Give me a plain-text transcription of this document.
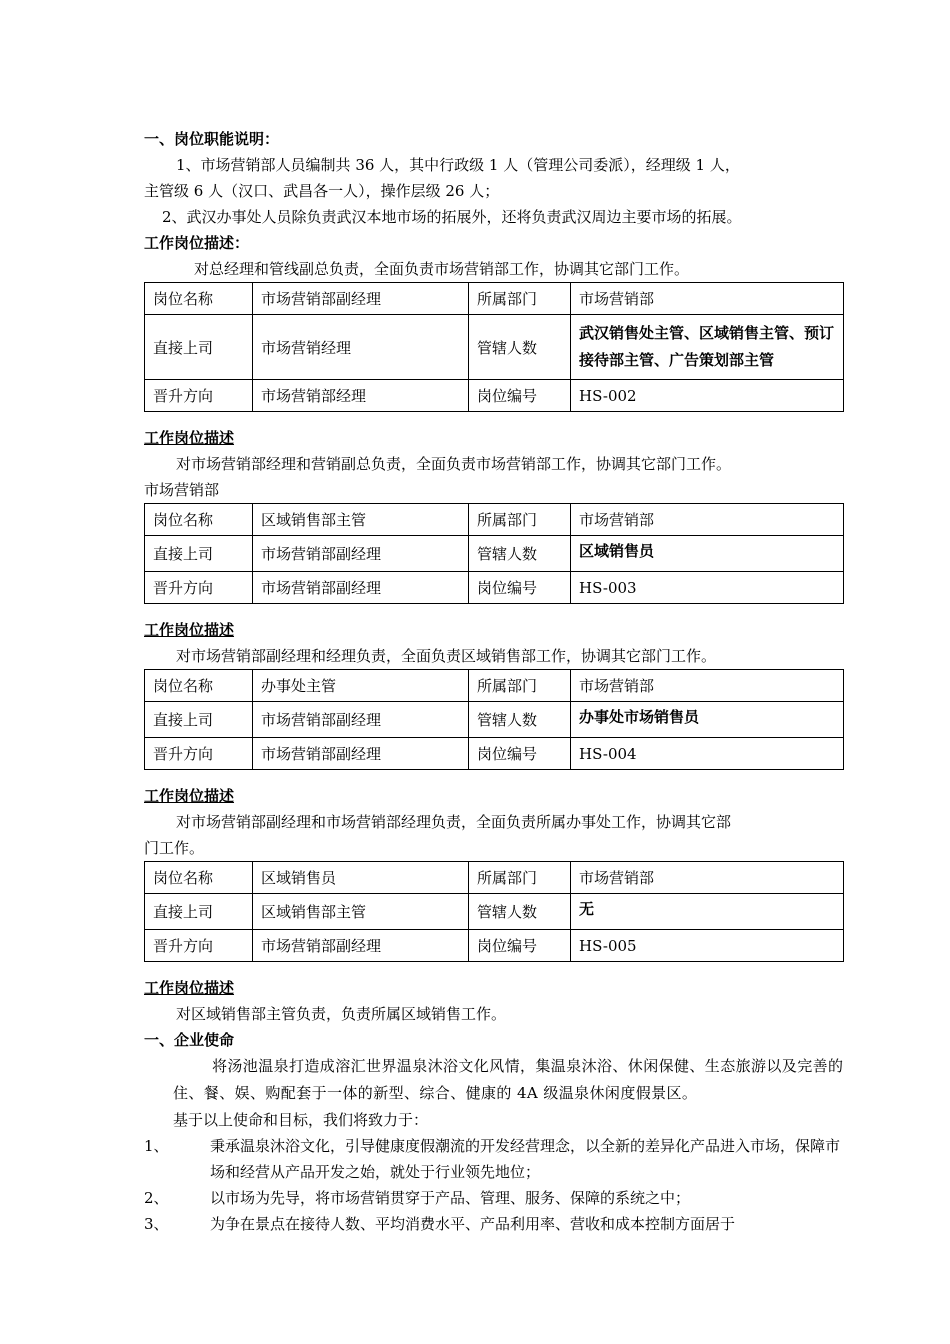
一、岗位职能说明：

1、市场营销部人员编制共 36 人，其中行政级 1 人（管理公司委派），经理级 1 人，

主管级 6 人（汉口、武昌各一人），操作层级 26 人；

2、武汉办事处人员除负责武汉本地市场的拓展外，还将负责武汉周边主要市场的拓展。

工作岗位描述：

对总经理和管线副总负责，全面负责市场营销部工作，协调其它部门工作。

岗位名称	市场营销部副经理	所属部门	市场营销部
直接上司	市场营销经理	管辖人数	武汉销售处主管、区域销售主管、预订接待部主管、广告策划部主管
晋升方向	市场营销部经理	岗位编号	HS-002

工作岗位描述

对市场营销部经理和营销副总负责，全面负责市场营销部工作，协调其它部门工作。

市场营销部

岗位名称	区域销售部主管	所属部门	市场营销部
直接上司	市场营销部副经理	管辖人数	区域销售员
晋升方向	市场营销部副经理	岗位编号	HS-003

工作岗位描述

对市场营销部副经理和经理负责，全面负责区域销售部工作，协调其它部门工作。

岗位名称	办事处主管	所属部门	市场营销部
直接上司	市场营销部副经理	管辖人数	办事处市场销售员
晋升方向	市场营销部副经理	岗位编号	HS-004

工作岗位描述

对市场营销部副经理和市场营销部经理负责，全面负责所属办事处工作，协调其它部

门工作。

岗位名称	区域销售员	所属部门	市场营销部
直接上司	区域销售部主管	管辖人数	无
晋升方向	市场营销部副经理	岗位编号	HS-005

工作岗位描述

对区域销售部主管负责，负责所属区域销售工作。

一、企业使命

将汤池温泉打造成溶汇世界温泉沐浴文化风情，集温泉沐浴、休闲保健、生态旅游以及完善的住、餐、娱、购配套于一体的新型、综合、健康的 4A 级温泉休闲度假景区。

基于以上使命和目标，我们将致力于：

1、	秉承温泉沐浴文化，引导健康度假潮流的开发经营理念，以全新的差异化产品进入市场，保障市场和经营从产品开发之始，就处于行业领先地位；
2、	以市场为先导，将市场营销贯穿于产品、管理、服务、保障的系统之中；
3、	为争在景点在接待人数、平均消费水平、产品利用率、营收和成本控制方面居于
